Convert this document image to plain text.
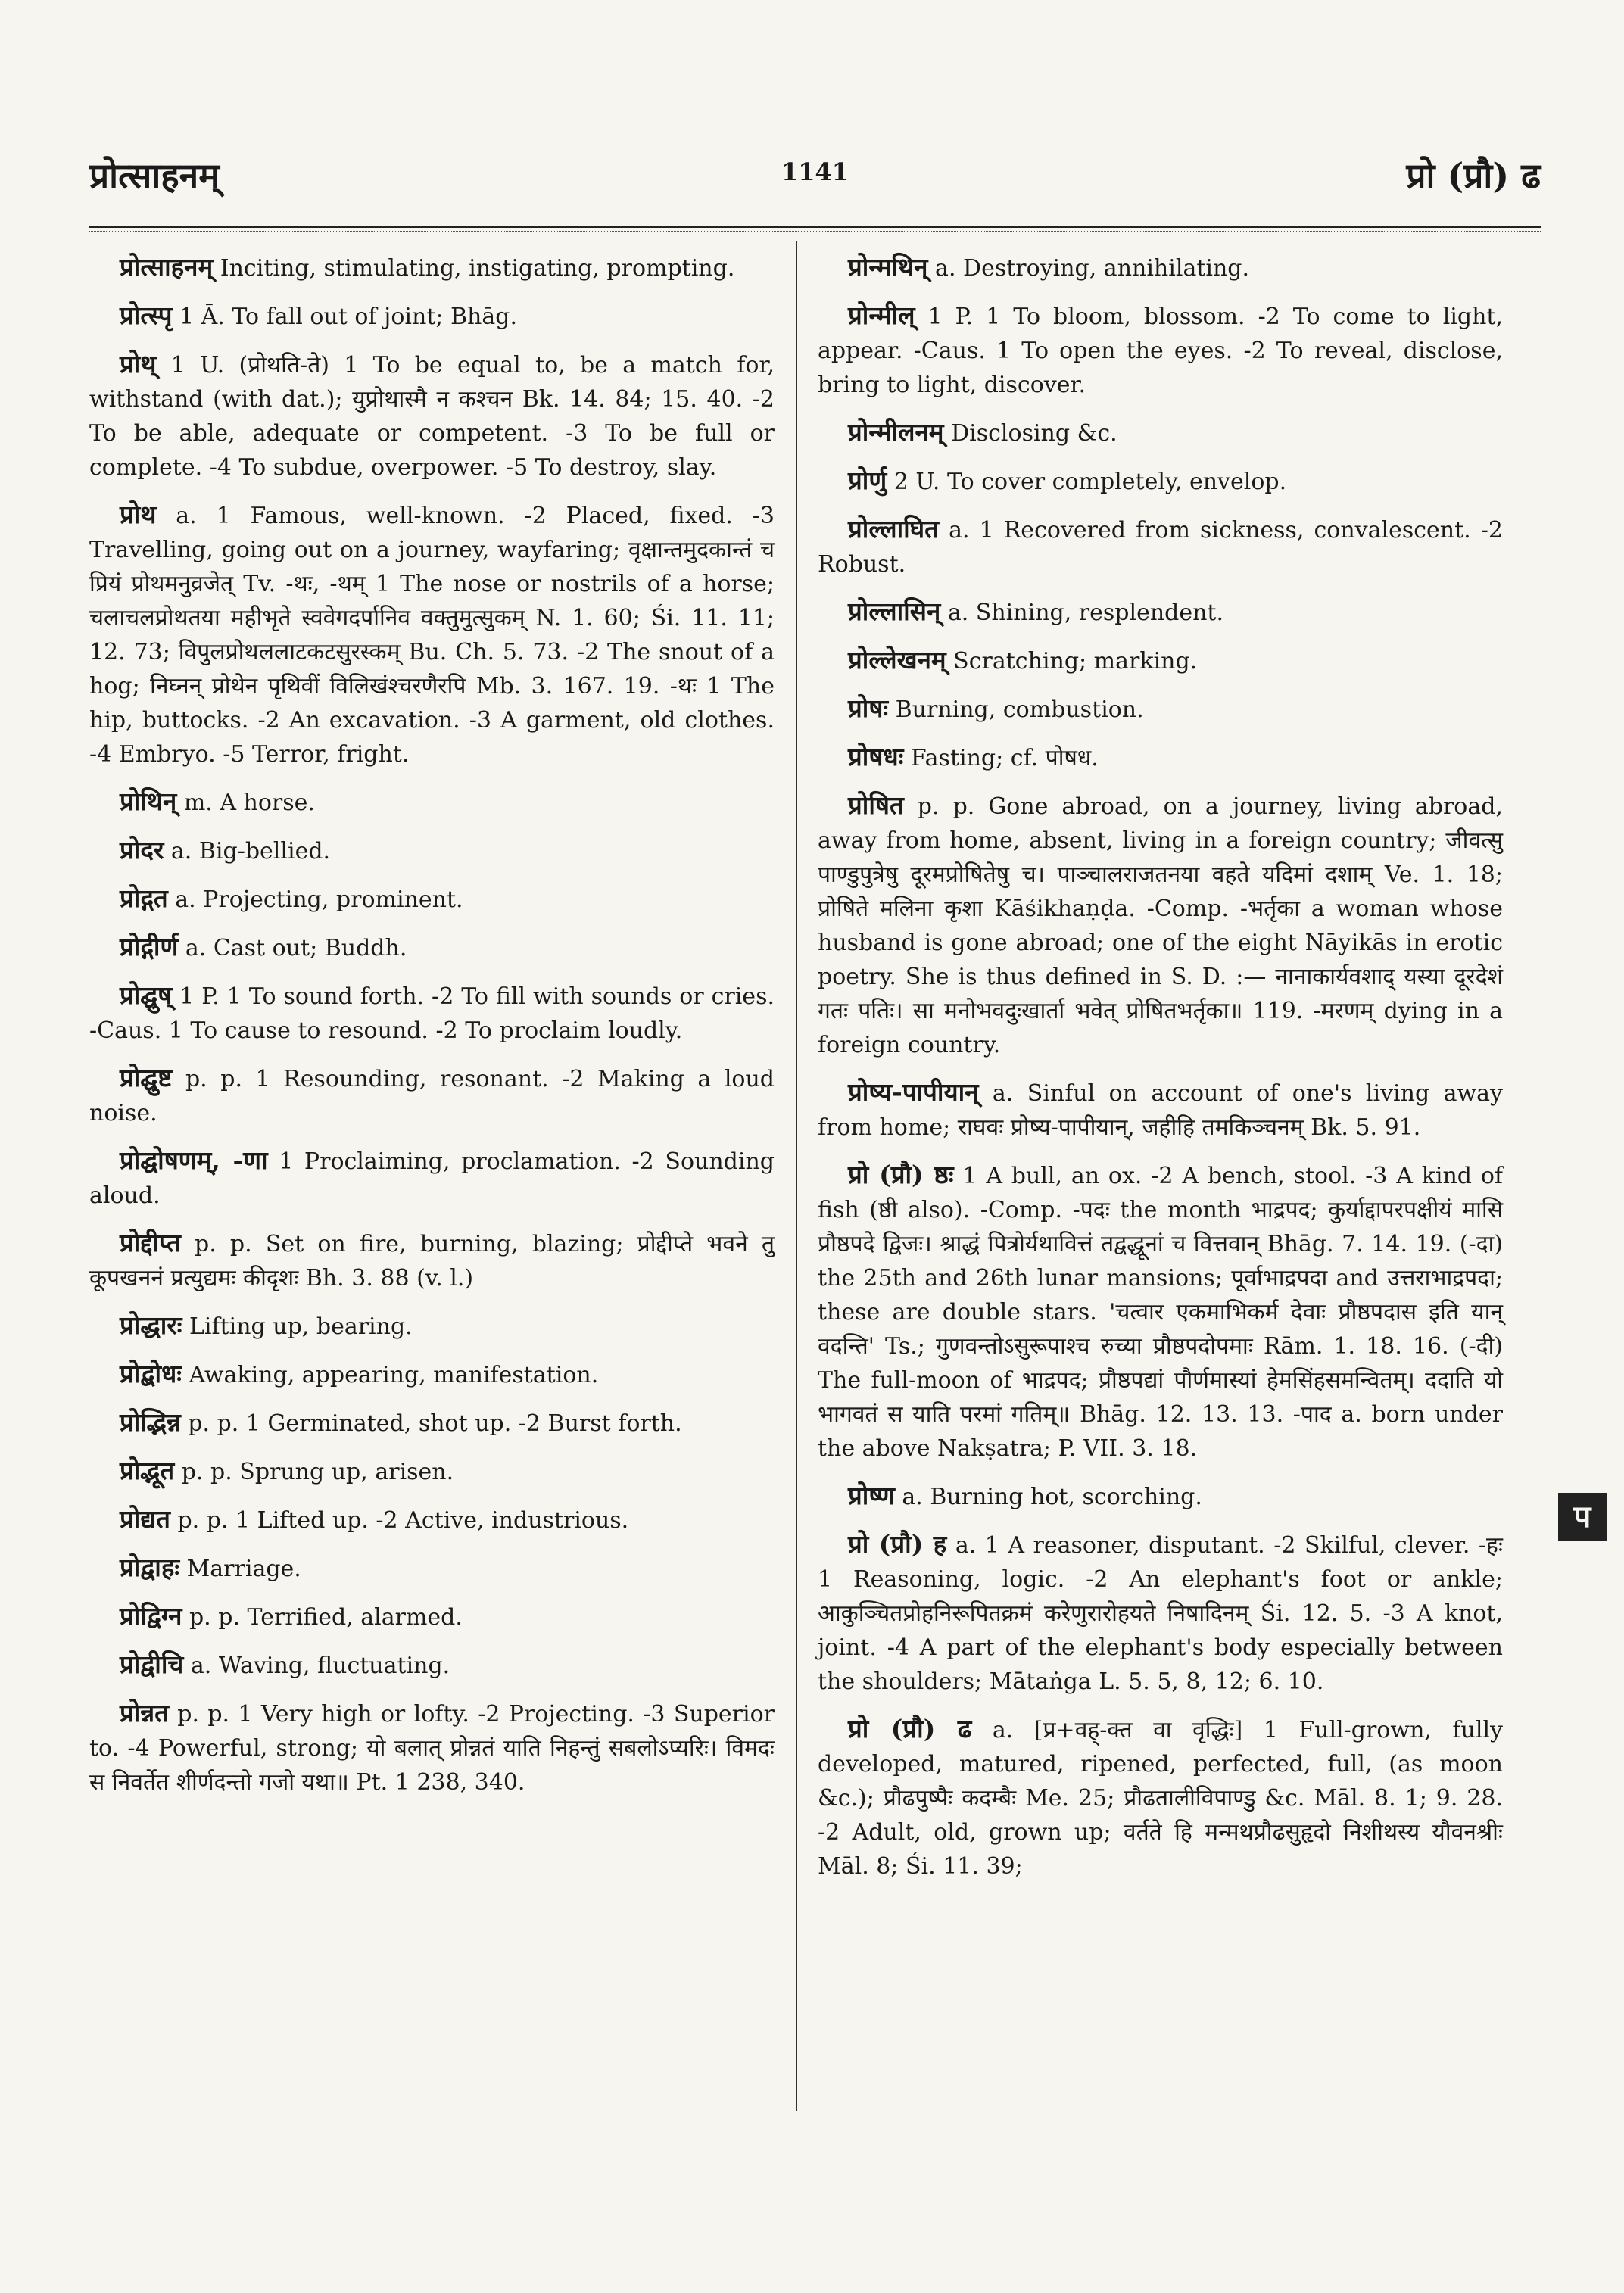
प्रोत्साहनम्	1141	प्रो (प्रौ) ढ

प्रोत्साहनम् Inciting, stimulating, instigating, prompting.

प्रोत्स्पृ 1 Ā. To fall out of joint; Bhāg.

प्रोथ् 1 U. (प्रोथति-ते) 1 To be equal to, be a match for, withstand (with dat.); युप्रोथास्मै न कश्चन Bk. 14. 84; 15. 40. -2 To be able, adequate or competent. -3 To be full or complete. -4 To subdue, overpower. -5 To destroy, slay.

प्रोथ a. 1 Famous, well-known. -2 Placed, fixed. -3 Travelling, going out on a journey, wayfaring; वृक्षान्तमुदकान्तं च प्रियं प्रोथमनुव्रजेत् Tv. -थः, -थम् 1 The nose or nostrils of a horse; चलाचलप्रोथतया महीभृते स्ववेगदर्पानिव वक्तुमुत्सुकम् N. 1. 60; Śi. 11. 11; 12. 73; विपुलप्रोथललाटकटसुरस्कम् Bu. Ch. 5. 73. -2 The snout of a hog; निघ्नन् प्रोथेन पृथिवीं विलिखंश्चरणैरपि Mb. 3. 167. 19. -थः 1 The hip, buttocks. -2 An excavation. -3 A garment, old clothes. -4 Embryo. -5 Terror, fright.

प्रोथिन् m. A horse.

प्रोदर a. Big-bellied.

प्रोद्गत a. Projecting, prominent.

प्रोद्गीर्ण a. Cast out; Buddh.

प्रोद्घुष् 1 P. 1 To sound forth. -2 To fill with sounds or cries. -Caus. 1 To cause to resound. -2 To proclaim loudly.

प्रोद्घुष्ट p. p. 1 Resounding, resonant. -2 Making a loud noise.

प्रोद्घोषणम्, -णा 1 Proclaiming, proclamation. -2 Sounding aloud.

प्रोद्दीप्त p. p. Set on fire, burning, blazing; प्रोद्दीप्ते भवने तु कूपखननं प्रत्युद्यमः कीदृशः Bh. 3. 88 (v. l.)

प्रोद्धारः Lifting up, bearing.

प्रोद्बोधः Awaking, appearing, manifestation.

प्रोद्भिन्न p. p. 1 Germinated, shot up. -2 Burst forth.

प्रोद्भूत p. p. Sprung up, arisen.

प्रोद्यत p. p. 1 Lifted up. -2 Active, industrious.

प्रोद्वाहः Marriage.

प्रोद्विग्न p. p. Terrified, alarmed.

प्रोद्वीचि a. Waving, fluctuating.

प्रोन्नत p. p. 1 Very high or lofty. -2 Projecting. -3 Superior to. -4 Powerful, strong; यो बलात् प्रोन्नतं याति निहन्तुं सबलोऽप्यरिः। विमदः स निवर्तेत शीर्णदन्तो गजो यथा॥ Pt. 1 238, 340.

प्रोन्मथिन् a. Destroying, annihilating.

प्रोन्मील् 1 P. 1 To bloom, blossom. -2 To come to light, appear. -Caus. 1 To open the eyes. -2 To reveal, disclose, bring to light, discover.

प्रोन्मीलनम् Disclosing &c.

प्रोर्णु 2 U. To cover completely, envelop.

प्रोल्लाघित a. 1 Recovered from sickness, convalescent. -2 Robust.

प्रोल्लासिन् a. Shining, resplendent.

प्रोल्लेखनम् Scratching; marking.

प्रोषः Burning, combustion.

प्रोषधः Fasting; cf. पोषध.

प्रोषित p. p. Gone abroad, on a journey, living abroad, away from home, absent, living in a foreign country; जीवत्सु पाण्डुपुत्रेषु दूरमप्रोषितेषु च। पाञ्चालराजतनया वहते यदिमां दशाम् Ve. 1. 18; प्रोषिते मलिना कृशा Kāśikhaṇḍa. -Comp. -भर्तृका a woman whose husband is gone abroad; one of the eight Nāyikās in erotic poetry. She is thus defined in S. D. :— नानाकार्यवशाद् यस्या दूरदेशं गतः पतिः। सा मनोभवदुःखार्ता भवेत् प्रोषितभर्तृका॥ 119. -मरणम् dying in a foreign country.

प्रोष्य-पापीयान् a. Sinful on account of one's living away from home; राघवः प्रोष्य-पापीयान्, जहीहि तमकिञ्चनम् Bk. 5. 91.

प्रो (प्रौ) ष्ठः 1 A bull, an ox. -2 A bench, stool. -3 A kind of fish (ष्ठी also). -Comp. -पदः the month भाद्रपद; कुर्याद्दापरपक्षीयं मासि प्रौष्ठपदे द्विजः। श्राद्धं पित्रोर्यथावित्तं तद्वद्धूनां च वित्तवान् Bhāg. 7. 14. 19. (-दा) the 25th and 26th lunar mansions; पूर्वाभाद्रपदा and उत्तराभाद्रपदा; these are double stars. 'चत्वार एकमाभिकर्म देवाः प्रौष्ठपदास इति यान् वदन्ति' Ts.; गुणवन्तोऽसुरूपाश्च रुच्या प्रौष्ठपदोपमाः Rām. 1. 18. 16. (-दी) The full-moon of भाद्रपद; प्रौष्ठपद्यां पौर्णमास्यां हेमसिंहसमन्वितम्। ददाति यो भागवतं स याति परमां गतिम्॥ Bhāg. 12. 13. 13. -पाद a. born under the above Nakṣatra; P. VII. 3. 18.

प्रोष्ण a. Burning hot, scorching.

प्रो (प्रौ) ह a. 1 A reasoner, disputant. -2 Skilful, clever. -हः 1 Reasoning, logic. -2 An elephant's foot or ankle; आकुञ्चितप्रोहनिरूपितक्रमं करेणुरारोहयते निषादिनम् Śi. 12. 5. -3 A knot, joint. -4 A part of the elephant's body especially between the shoulders; Mātaṅga L. 5. 5, 8, 12; 6. 10.

प्रो (प्रौ) ढ a. [प्र+वह्-क्त वा वृद्धिः] 1 Full-grown, fully developed, matured, ripened, perfected, full, (as moon &c.); प्रौढपुष्पैः कदम्बैः Me. 25; प्रौढतालीविपाण्डु &c. Māl. 8. 1; 9. 28. -2 Adult, old, grown up; वर्तते हि मन्मथप्रौढसुहृदो निशीथस्य यौवनश्रीः Māl. 8; Śi. 11. 39;

प
